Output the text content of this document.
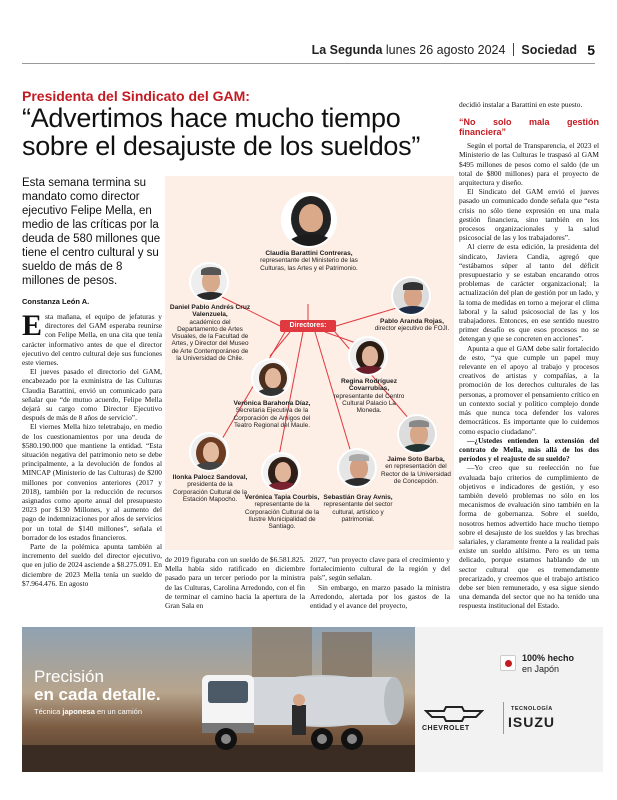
La Segunda lunes 26 agosto 2024 Sociedad 5
Presidenta del Sindicato del GAM:
“Advertimos hace mucho tiempo sobre el desajuste de los sueldos”
Esta semana termina su mandato como director ejecutivo Felipe Mella, en medio de las críticas por la deuda de 580 millones que tiene el centro cultural y su sueldo de más de 8 millones de pesos.
Constanza León A.

Esta mañana, el equipo de jefaturas y directores del GAM esperaba reunirse con Felipe Mella, en una cita que tenía carácter informativo antes de que el director ejecutivo del centro cultural deje sus funciones este viernes.

El jueves pasado el directorio del GAM, encabezado por la exministra de las Culturas Claudia Barattini, envió un comunicado para señalar que “de mutuo acuerdo, Felipe Mella dejará su cargo como Director Ejecutivo después de más de 8 años de servicio”.

El viernes Mella hizo teletrabajo, en medio de los cuestionamientos por una deuda de $580.190.000 que mantiene la entidad. “Esta situación negativa del patrimonio neto se debe principalmente, a la devolución de fondos al MINCAP (Ministerio de las Culturas) de $200 millones por convenios anteriores (2017 y 2018), también por la reducción de recursos asignados como aporte anual del presupuesto 2023 por $130 Millones, y al aumento del pago de indemnizaciones por años de servicios por un total de $140 millones”, señala el borrador de los estados financieros.

Parte de la polémica apunta también al incremento del sueldo del director ejecutivo, que en julio de 2024 asciende a $8.275.091. En diciembre de 2023 Mella tenía un sueldo de $7.964.476. En agosto

Claudia Barattini Contreras,
representante del Ministerio de las Culturas, las Artes y el Patrimonio.
Directores:
Daniel Pablo Andrés Cruz Valenzuela,
académico del Departamento de Artes Visuales, de la Facultad de Artes, y Director del Museo de Arte Contemporáneo de la Universidad de Chile.
Pablo Aranda Rojas,
director ejecutivo de FOJI.
Regina Rodríguez Covarrubias,
representante del Centro Cultural Palacio La Moneda.
Verónica Barahona Díaz,
Secretaria Ejecutiva de la Corporación de Amigos del Teatro Regional del Maule.
Jaime Soto Barba,
en representación del Rector de la Universidad de Concepción.
Ilonka Palocz Sandoval,
presidenta de la Corporación Cultural de la Estación Mapocho.	Verónica Tapia Courbis,
representante de la Corporación Cultural de la Ilustre Municipalidad de Santiago.
Sebastián Gray Avnis,
representante del sector cultural, artístico y patrimonial.

de 2019 figuraba con un sueldo de $6.581.825. Mella había sido ratificado en diciembre pasado para un tercer periodo por la ministra de las Culturas, Carolina Arredondo, con el fin de terminar el camino hacia la apertura de la Gran Sala en

2027, “un proyecto clave para el crecimiento y fortalecimiento cultural de la región y del país”, según señalan.

Sin embargo, en marzo pasado la ministra Arredondo, alertada por los gastos de la entidad y el avance del proyecto,

decidió instalar a Barattini en este puesto.

“No solo mala gestión financiera”

Según el portal de Transparencia, el 2023 el Ministerio de las Culturas le traspasó al GAM $495 millones de pesos como el saldo (de un total de $800 millones) para el proyecto de arquitectura y diseño.

El Sindicato del GAM envió el jueves pasado un comunicado donde señala que “esta crisis no sólo tiene expresión en una mala gestión financiera, sino también en los procesos organizacionales y la salud psicosocial de las y los trabajadores”.

Al cierre de esta edición, la presidenta del sindicato, Javiera Candia, agregó que “estábamos súper al tanto del déficit presupuestario y se estaban encarando otros problemas de carácter organizacional; la actualización del plan de gestión por un lado, y la toma de medidas en torno a mejorar el clima laboral y la salud psicosocial de las y los trabajadores. Entonces, en ese sentido nuestro primer desafío es que esos procesos no se detengan y que se concreten en acciones”.

Apunta a que el GAM debe salir fortalecido de esto, “ya que cumple un papel muy relevante en el apoyo al trabajo y procesos creativos de artistas y compañías, a la promoción de los derechos culturales de las personas, a promover el pensamiento crítico en un contexto social y político complejo donde más que nunca toca defender los valores democráticos. Es importante que lo cuidemos como espacio ciudadano”.

—¿Ustedes entienden la extensión del contrato de Mella, más allá de los dos períodos y el reajuste de su sueldo?

—Yo creo que su reelección no fue evaluada bajo criterios de cumplimiento de objetivos e indicadores de gestión, y eso también develó problemas no sólo en los mecanismos de evaluación sino también en la forma de gobernanza. Sobre el sueldo, nosotros hemos advertido hace mucho tiempo sobre el desajuste de los sueldos y las brechas salariales, y claramente frente a la realidad país existe un sueldo altísimo. Pero es un tema delicado, porque estamos hablando de un sector cultural que es tremendamente precarizado, y creemos que el trabajo artístico debe ser bien remunerado, y esa sigue siendo una demanda del sector que no ha tenido una respuesta institucional del Estado.

Precisión
en cada detalle.
Técnica japonesa en un camión
100% hecho
en Japón
CHEVROLET
TECNOLOGÍA
ISUZU
